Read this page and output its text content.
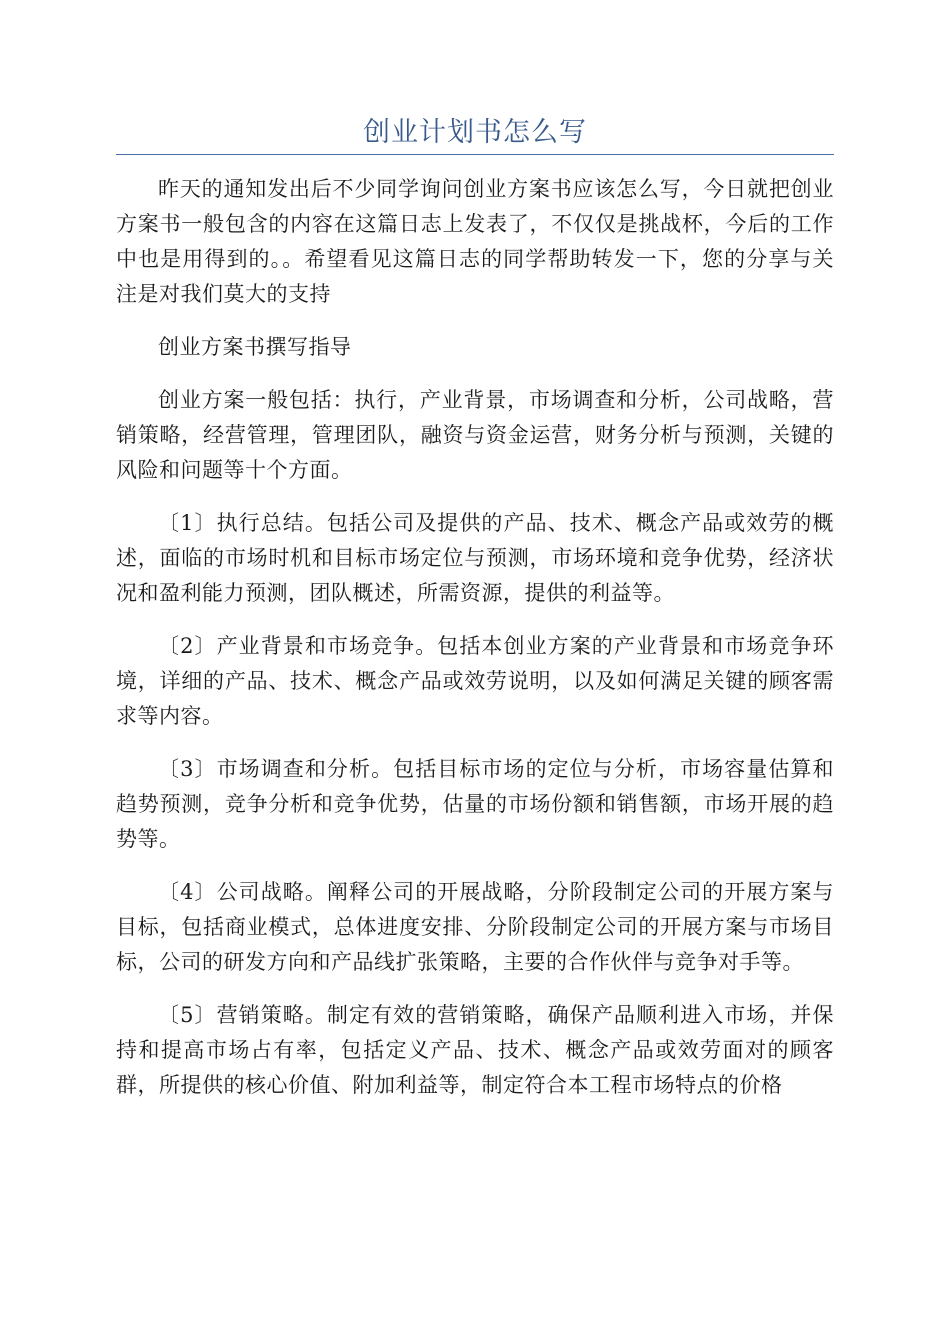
创业计划书怎么写

昨天的通知发出后不少同学询问创业方案书应该怎么写，今日就把创业方案书一般包含的内容在这篇日志上发表了，不仅仅是挑战杯，今后的工作中也是用得到的。。希望看见这篇日志的同学帮助转发一下，您的分享与关注是对我们莫大的支持

创业方案书撰写指导

创业方案一般包括：执行，产业背景，市场调查和分析，公司战略，营销策略，经营管理，管理团队，融资与资金运营，财务分析与预测，关键的风险和问题等十个方面。

〔1〕执行总结。包括公司及提供的产品、技术、概念产品或效劳的概述，面临的市场时机和目标市场定位与预测，市场环境和竞争优势，经济状况和盈利能力预测，团队概述，所需资源，提供的利益等。

〔2〕产业背景和市场竞争。包括本创业方案的产业背景和市场竞争环境，详细的产品、技术、概念产品或效劳说明，以及如何满足关键的顾客需求等内容。

〔3〕市场调查和分析。包括目标市场的定位与分析，市场容量估算和趋势预测，竞争分析和竞争优势，估量的市场份额和销售额，市场开展的趋势等。

〔4〕公司战略。阐释公司的开展战略，分阶段制定公司的开展方案与目标，包括商业模式，总体进度安排、分阶段制定公司的开展方案与市场目标，公司的研发方向和产品线扩张策略，主要的合作伙伴与竞争对手等。

〔5〕营销策略。制定有效的营销策略，确保产品顺利进入市场，并保持和提高市场占有率，包括定义产品、技术、概念产品或效劳面对的顾客群，所提供的核心价值、附加利益等，制定符合本工程市场特点的价格
